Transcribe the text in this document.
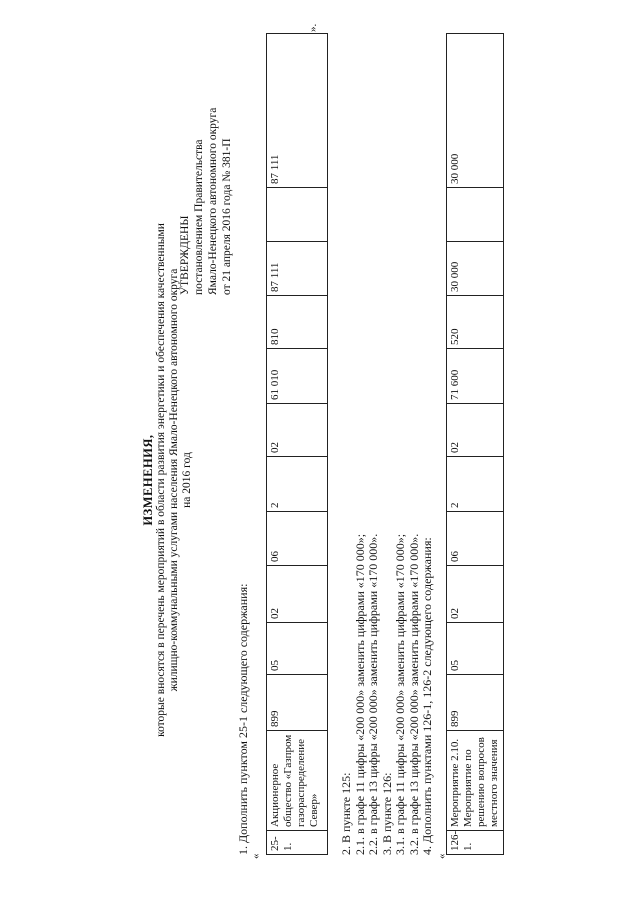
УТВЕРЖДЕНЫ постановлением Правительства Ямало-Ненецкого автономного округа от 21 апреля 2016 года № 381-П
ИЗМЕНЕНИЯ, которые вносятся в перечень мероприятий в области развития энергетики и обеспечения качественными жилищно-коммунальными услугами населения Ямало-Ненецкого автономного округа на 2016 год
1. Дополнить пунктом 25-1 следующего содержания:
«
».
25-1.	Акционерное общество «Газпром газораспределение Север»	899	05	02	06	2	02	61 010	810	87 111		87 111
2. В пункте 125: 2.1. в графе 11 цифры «200 000» заменить цифрами «170 000»; 2.2. в графе 13 цифры «200 000» заменить цифрами «170 000». 3. В пункте 126: 3.1. в графе 11 цифры «200 000» заменить цифрами «170 000»; 3.2. в графе 13 цифры «200 000» заменить цифрами «170 000». 4. Дополнить пунктами 126-1, 126-2 следующего содержания:
«
126-1.	Мероприятие 2.10. Мероприятие по решению вопросов местного значения	899	05	02	06	2	02	71 600	520	30 000		30 000
